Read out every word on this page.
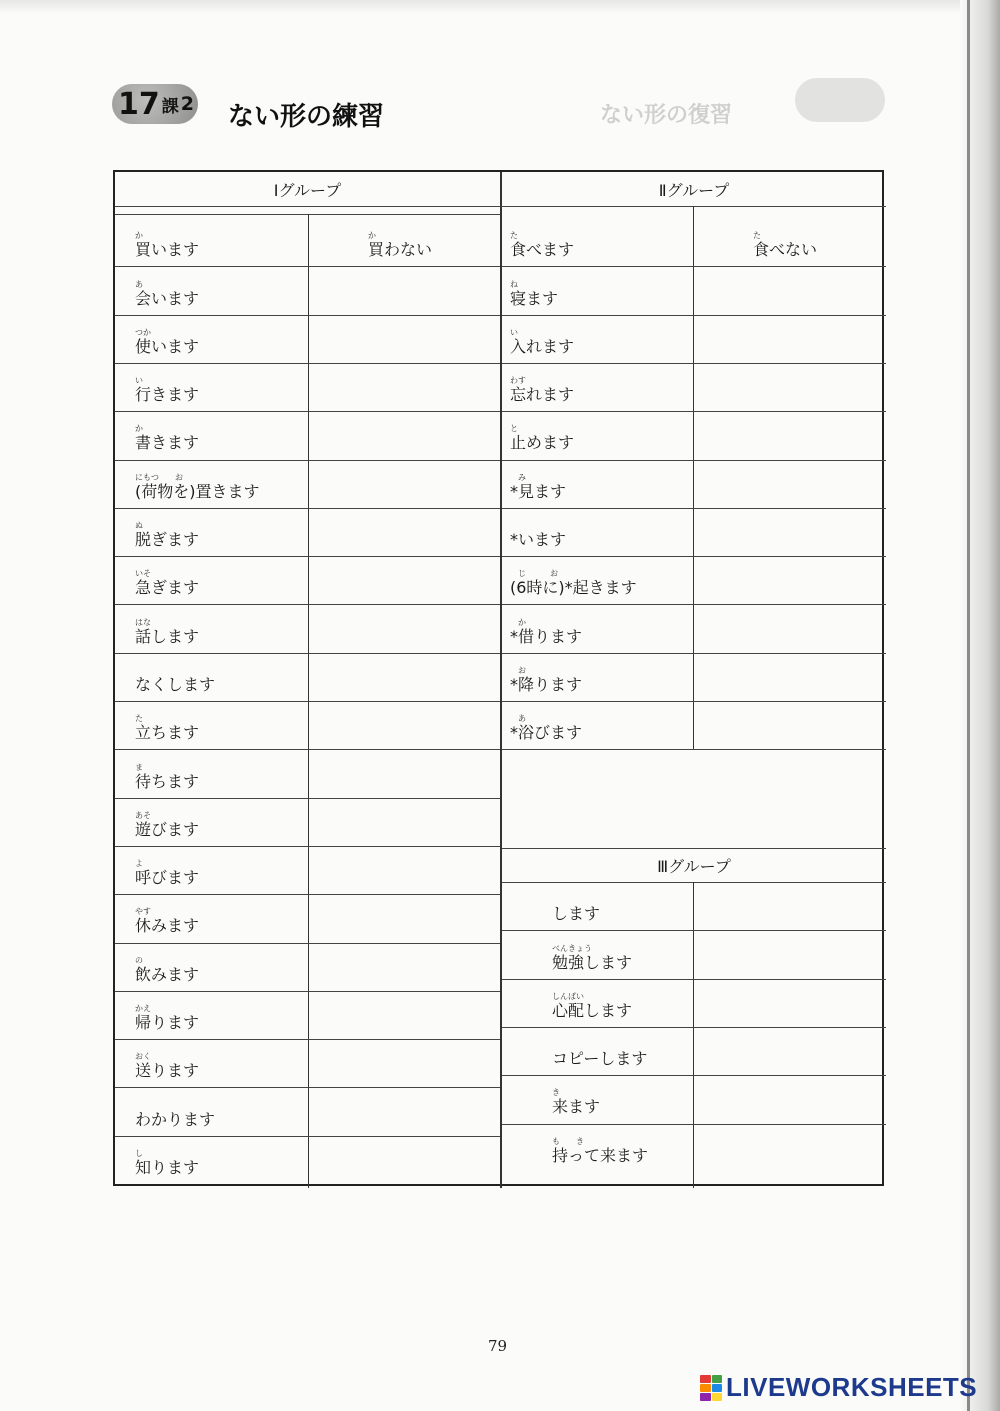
ない形の復習
17 課 2 ない形の練習
Ⅰグループ	Ⅱグループ
か
買います
か
買わない
あ
会います
つか
使います
い
行きます
か
書きます
にもつ　　お
(荷物を)置きます
ぬ
脱ぎます
いそ
急ぎます
はな
話します
なくします
た
立ちます
ま
待ちます
あそ
遊びます
よ
呼びます
やす
休みます
の
飲みます
かえ
帰ります
おく
送ります
わかります
し
知ります
た
食べます
た
食べない
ね
寝ます
い
入れます
わす
忘れます
と
止めます
　み
*見ます
*います
　じ　　　お
(6時に)*起きます
　か
*借ります
　お
*降ります
　あ
*浴びます
Ⅲグループ
します
べんきょう
勉強します
しんぱい
心配します
コピーします
き
来ます
も　　き
持って来ます
79
LIVEWORKSHEETS
